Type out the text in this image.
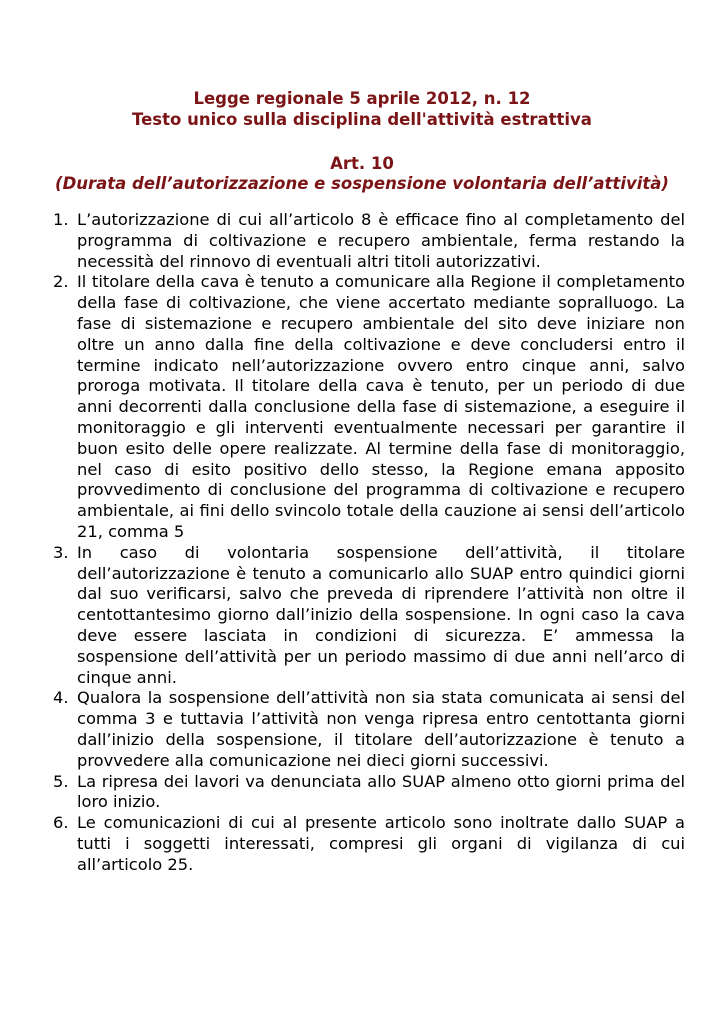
Legge regionale 5 aprile 2012, n. 12
Testo unico sulla disciplina dell'attività estrattiva
Art. 10
(Durata dell’autorizzazione e sospensione volontaria dell’attività)
1. L’autorizzazione di cui all’articolo 8 è efficace fino al completamento del programma di coltivazione e recupero ambientale, ferma restando la necessità del rinnovo di eventuali altri titoli autorizzativi.
2. Il titolare della cava è tenuto a comunicare alla Regione il completamento della fase di coltivazione, che viene accertato mediante sopralluogo. La fase di sistemazione e recupero ambientale del sito deve iniziare non oltre un anno dalla fine della coltivazione e deve concludersi entro il termine indicato nell’autorizzazione ovvero entro cinque anni, salvo proroga motivata. Il titolare della cava è tenuto, per un periodo di due anni decorrenti dalla conclusione della fase di sistemazione, a eseguire il monitoraggio e gli interventi eventualmente necessari per garantire il buon esito delle opere realizzate. Al termine della fase di monitoraggio, nel caso di esito positivo dello stesso, la Regione emana apposito provvedimento di conclusione del programma di coltivazione e recupero ambientale, ai fini dello svincolo totale della cauzione ai sensi dell’articolo 21, comma 5
3. In caso di volontaria sospensione dell’attività, il titolare dell’autorizzazione è tenuto a comunicarlo allo SUAP entro quindici giorni dal suo verificarsi, salvo che preveda di riprendere l’attività non oltre il centottantesimo giorno dall’inizio della sospensione. In ogni caso la cava deve essere lasciata in condizioni di sicurezza. E’ ammessa la sospensione dell’attività per un periodo massimo di due anni nell’arco di cinque anni.
4. Qualora la sospensione dell’attività non sia stata comunicata ai sensi del comma 3 e tuttavia l’attività non venga ripresa entro centottanta giorni dall’inizio della sospensione, il titolare dell’autorizzazione è tenuto a provvedere alla comunicazione nei dieci giorni successivi.
5. La ripresa dei lavori va denunciata allo SUAP almeno otto giorni prima del loro inizio.
6. Le comunicazioni di cui al presente articolo sono inoltrate dallo SUAP a tutti i soggetti interessati, compresi gli organi di vigilanza di cui all’articolo 25.
